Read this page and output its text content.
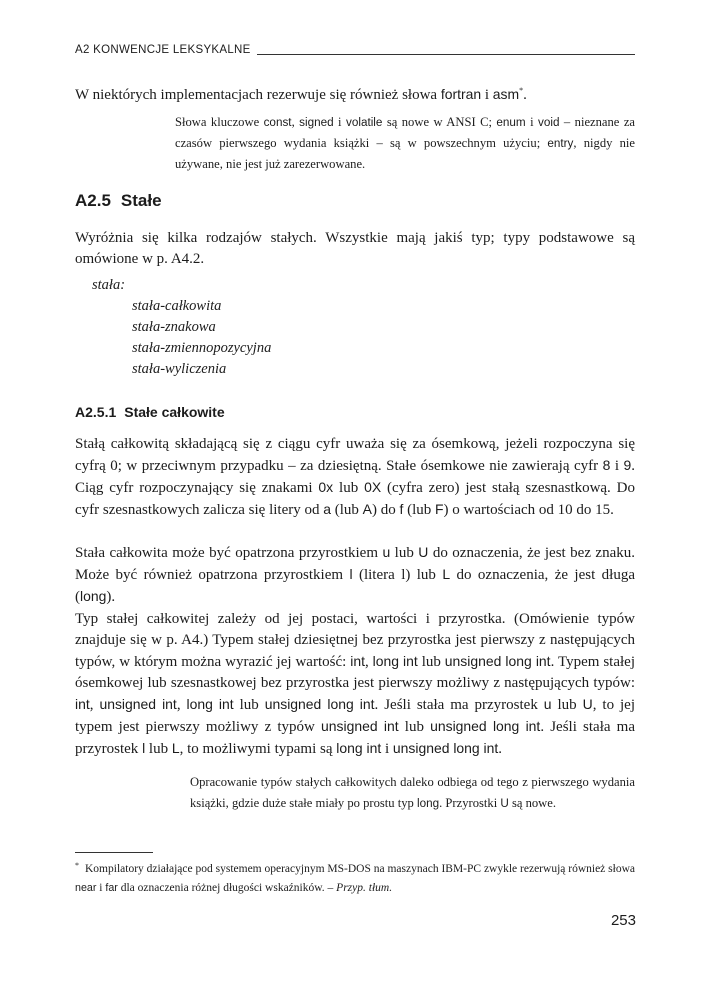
A2 KONWENCJE LEKSYKALNE

W niektórych implementacjach rezerwuje się również słowa fortran i asm*.

Słowa kluczowe const, signed i volatile są nowe w ANSI C; enum i void – nieznane za czasów pierwszego wydania książki – są w powszechnym użyciu; entry, nigdy nie używane, nie jest już zarezerwowane.

A2.5 Stałe

Wyróżnia się kilka rodzajów stałych. Wszystkie mają jakiś typ; typy podstawowe są omówione w p. A4.2.

stała:
stała-całkowita
stała-znakowa
stała-zmiennopozycyjna
stała-wyliczenia
A2.5.1 Stałe całkowite

Stałą całkowitą składającą się z ciągu cyfr uważa się za ósemkową, jeżeli rozpoczyna się cyfrą 0; w przeciwnym przypadku – za dziesiętną. Stałe ósemkowe nie zawierają cyfr 8 i 9. Ciąg cyfr rozpoczynający się znakami 0x lub 0X (cyfra zero) jest stałą szesnastkową. Do cyfr szesnastkowych zalicza się litery od a (lub A) do f (lub F) o wartościach od 10 do 15.

Stała całkowita może być opatrzona przyrostkiem u lub U do oznaczenia, że jest bez znaku. Może być również opatrzona przyrostkiem l (litera l) lub L do oznaczenia, że jest długa (long).

Typ stałej całkowitej zależy od jej postaci, wartości i przyrostka. (Omówienie typów znajduje się w p. A4.) Typem stałej dziesiętnej bez przyrostka jest pierwszy z następujących typów, w którym można wyrazić jej wartość: int, long int lub unsigned long int. Typem stałej ósemkowej lub szesnastkowej bez przyrostka jest pierwszy możliwy z następujących typów: int, unsigned int, long int lub unsigned long int. Jeśli stała ma przyrostek u lub U, to jej typem jest pierwszy możliwy z typów unsigned int lub unsigned long int. Jeśli stała ma przyrostek l lub L, to możliwymi typami są long int i unsigned long int.

Opracowanie typów stałych całkowitych daleko odbiega od tego z pierwszego wydania książki, gdzie duże stałe miały po prostu typ long. Przyrostki U są nowe.

* Kompilatory działające pod systemem operacyjnym MS-DOS na maszynach IBM-PC zwykle rezerwują również słowa near i far dla oznaczenia różnej długości wskaźników. – Przyp. tłum.

253
